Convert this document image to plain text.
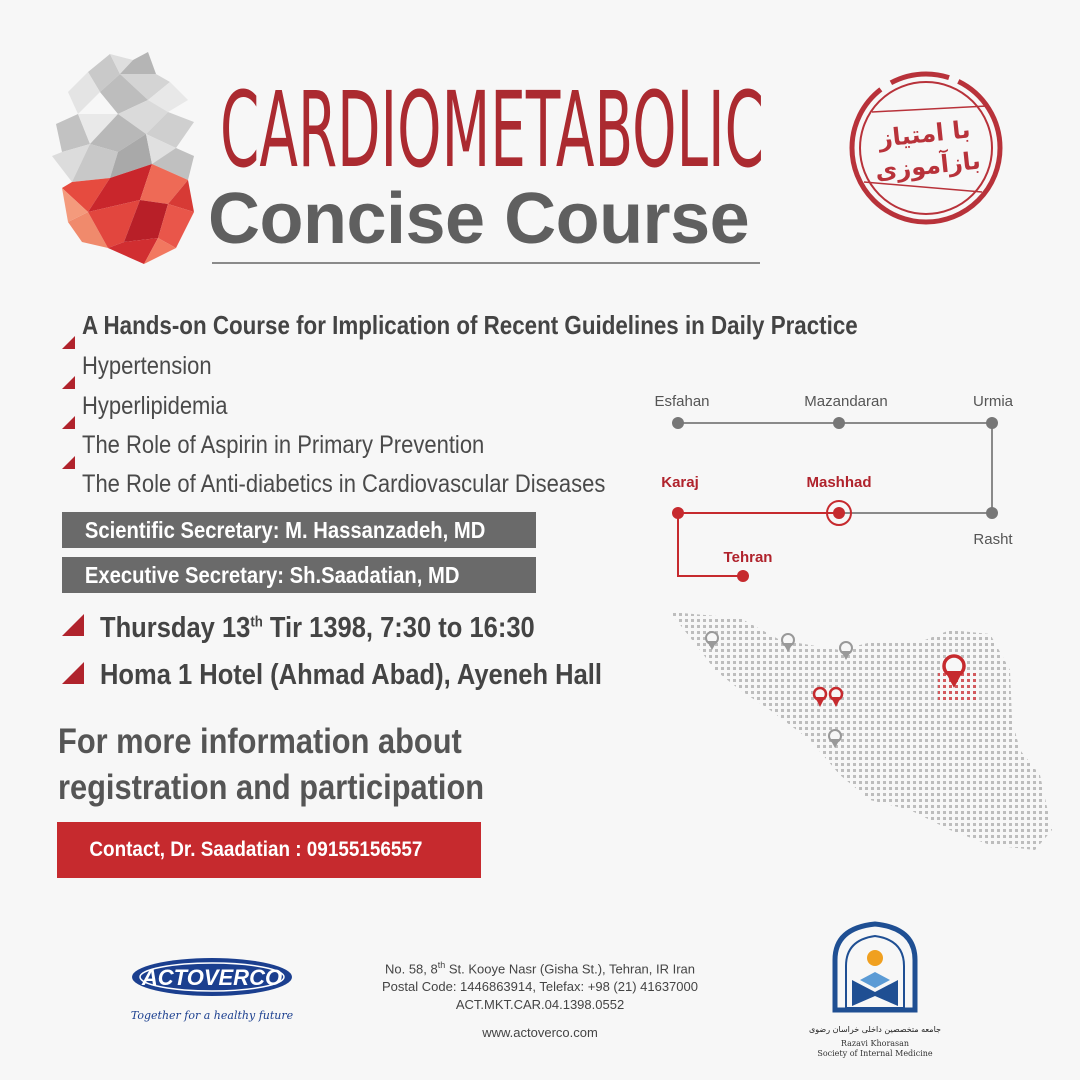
CARDIOMETABOLIC
Concise Course
با امتیاز
بازآموزی
A Hands-on Course for Implication of Recent Guidelines in Daily Practice
Hypertension
Hyperlipidemia
The Role of Aspirin in Primary Prevention
The Role of Anti-diabetics in Cardiovascular Diseases
Scientific Secretary: M. Hassanzadeh, MD
Executive Secretary: Sh.Saadatian, MD
Thursday 13th Tir 1398, 7:30 to 16:30
Homa 1 Hotel (Ahmad Abad), Ayeneh Hall
For more information about
registration and participation
Contact, Dr. Saadatian : 09155156557
Esfahan	Mazandaran	Urmia
Karaj	Mashhad
Rasht
Tehran
ACTOVERCO
Together for a healthy future
No. 58, 8th St. Kooye Nasr (Gisha St.), Tehran, IR Iran
Postal Code: 1446863914, Telefax: +98 (21) 41637000
ACT.MKT.CAR.04.1398.0552
www.actoverco.com	جامعه متخصصین داخلی خراسان رضوی
Razavi Khorasan
Society of Internal Medicine
